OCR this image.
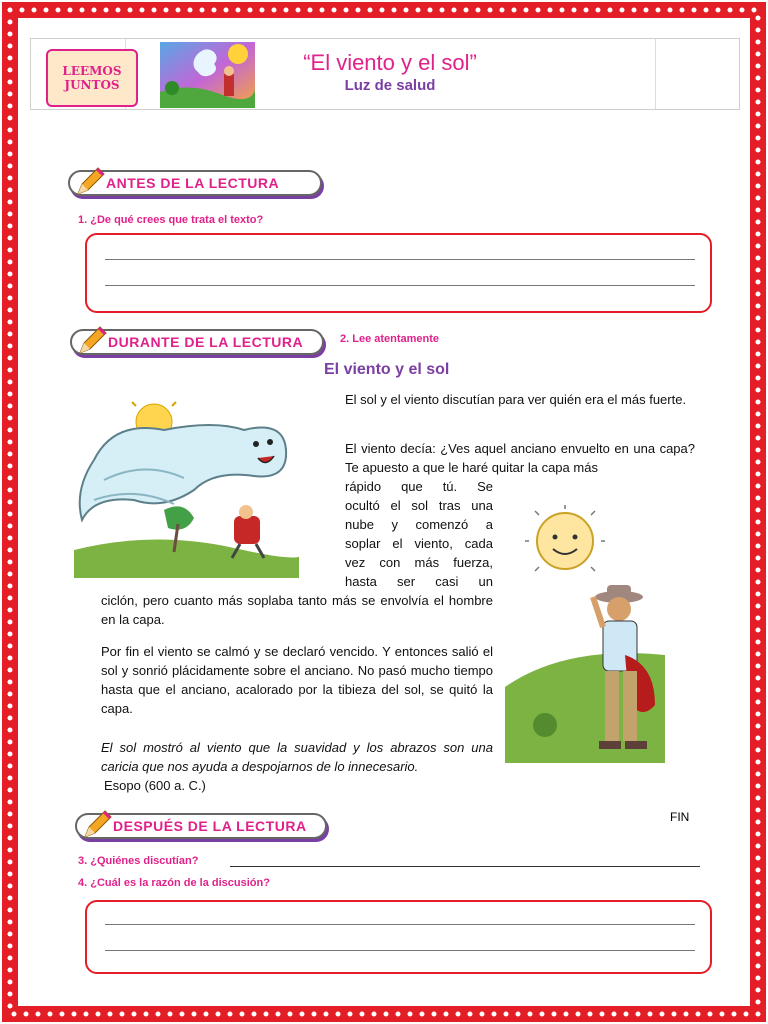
LEEMOS JUNTOS
“El viento y el sol”
Luz de salud
ANTES DE LA LECTURA
1. ¿De qué crees que trata el texto?
DURANTE DE LA LECTURA	2. Lee atentamente
El viento y el sol
El sol y el viento discutían para ver quién era el más fuerte.
El viento decía: ¿Ves aquel anciano envuelto en una capa? Te apuesto a que le haré quitar la capa más
rápido que tú. Se
ocultó el sol tras una
nube y comenzó a
soplar el viento, cada
vez con más fuerza,
hasta ser casi un
ciclón, pero cuanto más soplaba tanto más se envolvía el hombre en la capa.
Por fin el viento se calmó y se declaró vencido. Y entonces salió el sol y sonrió plácidamente sobre el anciano. No pasó mucho tiempo hasta que el anciano, acalorado por la tibieza del sol, se quitó la capa.
El sol mostró al viento que la suavidad y los abrazos son una caricia que nos ayuda a despojarnos de lo innecesario.
Esopo (600 a. C.)
FIN
DESPUÉS DE LA LECTURA
3. ¿Quiénes discutían?
4. ¿Cuál es la razón de la discusión?
